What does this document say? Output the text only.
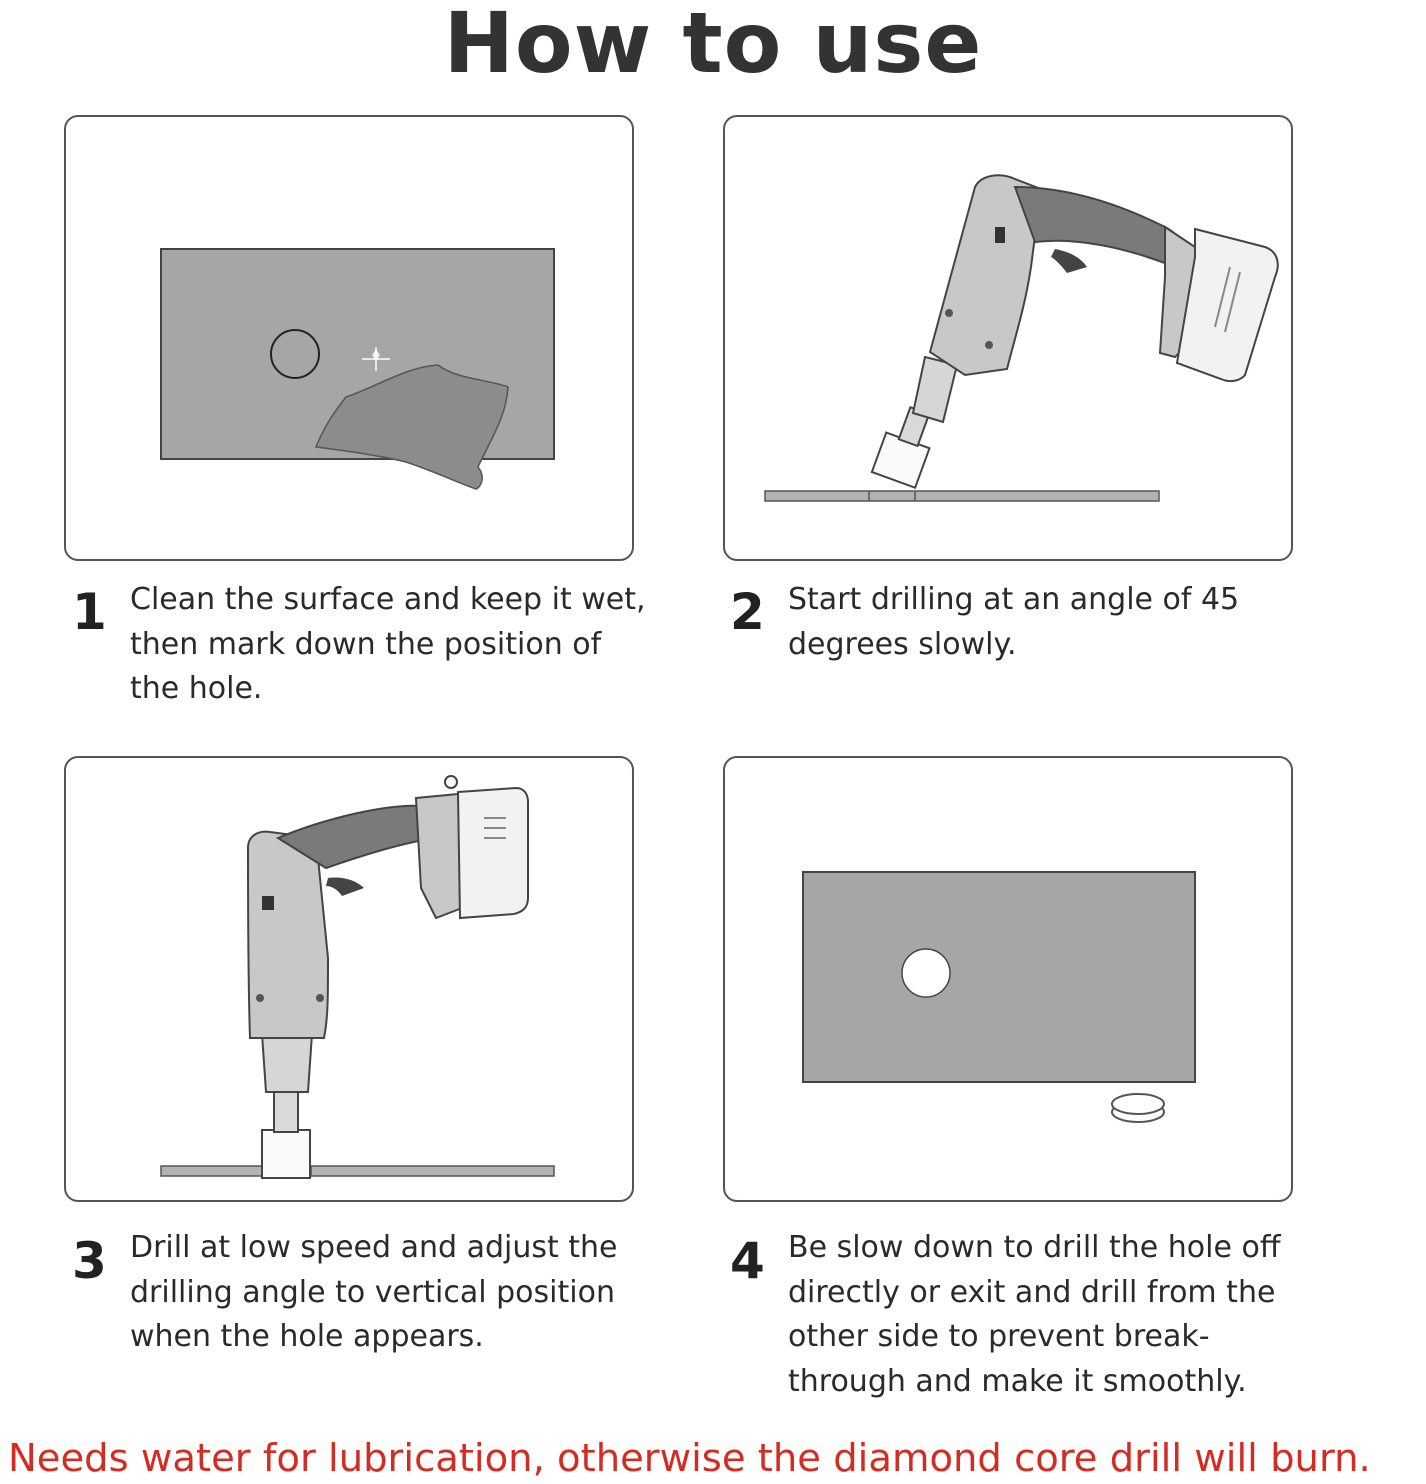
How to use
1 Clean the surface and keep it wet, then mark down the position of the hole.
2 Start drilling at an angle of 45 degrees slowly.
3 Drill at low speed and adjust the drilling angle to vertical position when the hole appears.
4 Be slow down to drill the hole off directly or exit and drill from the other side to prevent break-through and make it smoothly.
Needs water for lubrication, otherwise the diamond core drill will burn.
